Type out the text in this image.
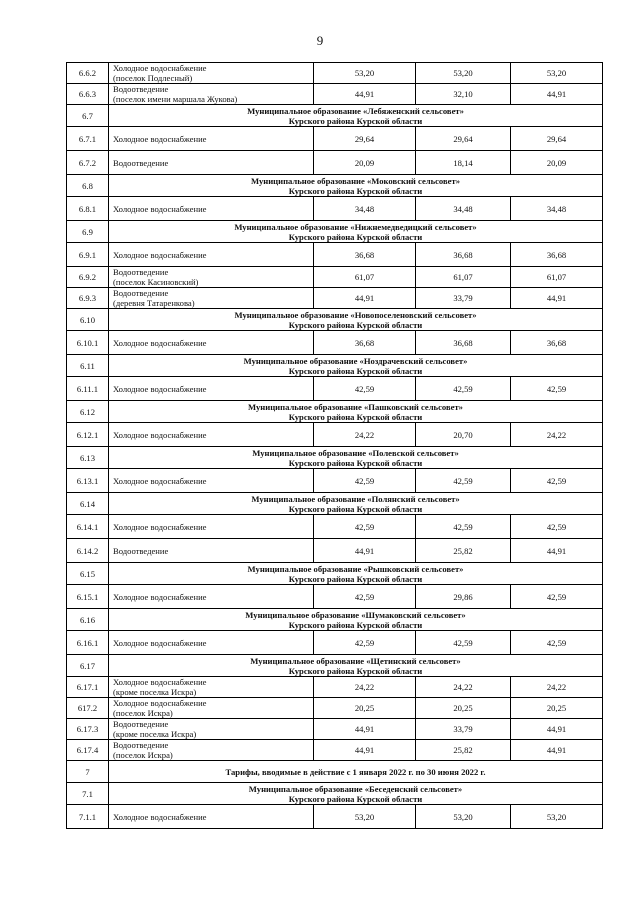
9
6.6.2	Холодное водоснабжение
(поселок Подлесный)	53,20	53,20	53,20
6.6.3	Водоотведение
(поселок имени маршала Жукова)	44,91	32,10	44,91
6.7	Муниципальное образование «Лебяженский сельсовет»
Курского района Курской области			
6.7.1	Холодное водоснабжение	29,64	29,64	29,64
6.7.2	Водоотведение	20,09	18,14	20,09
6.8	Муниципальное образование «Моковский сельсовет»
Курского района Курской области			
6.8.1	Холодное водоснабжение	34,48	34,48	34,48
6.9	Муниципальное образование «Нижнемедведицкий сельсовет»
Курского района Курской области			
6.9.1	Холодное водоснабжение	36,68	36,68	36,68
6.9.2	Водоотведение
(поселок Касиновский)	61,07	61,07	61,07
6.9.3	Водоотведение
(деревня Татаренкова)	44,91	33,79	44,91
6.10	Муниципальное образование «Новопоселеновский сельсовет»
Курского района Курской области			
6.10.1	Холодное водоснабжение	36,68	36,68	36,68
6.11	Муниципальное образование «Ноздрачевский сельсовет»
Курского района Курской области			
6.11.1	Холодное водоснабжение	42,59	42,59	42,59
6.12	Муниципальное образование «Пашковский сельсовет»
Курского района Курской области			
6.12.1	Холодное водоснабжение	24,22	20,70	24,22
6.13	Муниципальное образование «Полевской сельсовет»
Курского района Курской области			
6.13.1	Холодное водоснабжение	42,59	42,59	42,59
6.14	Муниципальное образование «Полянский сельсовет»
Курского района Курской области			
6.14.1	Холодное водоснабжение	42,59	42,59	42,59
6.14.2	Водоотведение	44,91	25,82	44,91
6.15	Муниципальное образование «Рышковский сельсовет»
Курского района Курской области			
6.15.1	Холодное водоснабжение	42,59	29,86	42,59
6.16	Муниципальное образование «Шумаковский сельсовет»
Курского района Курской области			
6.16.1	Холодное водоснабжение	42,59	42,59	42,59
6.17	Муниципальное образование «Щетинский сельсовет»
Курского района Курской области			
6.17.1	Холодное водоснабжение
(кроме поселка Искра)	24,22	24,22	24,22
617.2	Холодное водоснабжение
(поселок Искра)	20,25	20,25	20,25
6.17.3	Водоотведение
(кроме поселка Искра)	44,91	33,79	44,91
6.17.4	Водоотведение
(поселок Искра)	44,91	25,82	44,91
7	Тарифы, вводимые в действие с 1 января 2022 г. по 30 июня 2022 г.			
7.1	Муниципальное образование «Беседенский сельсовет»
Курского района Курской области			
7.1.1	Холодное водоснабжение	53,20	53,20	53,20
